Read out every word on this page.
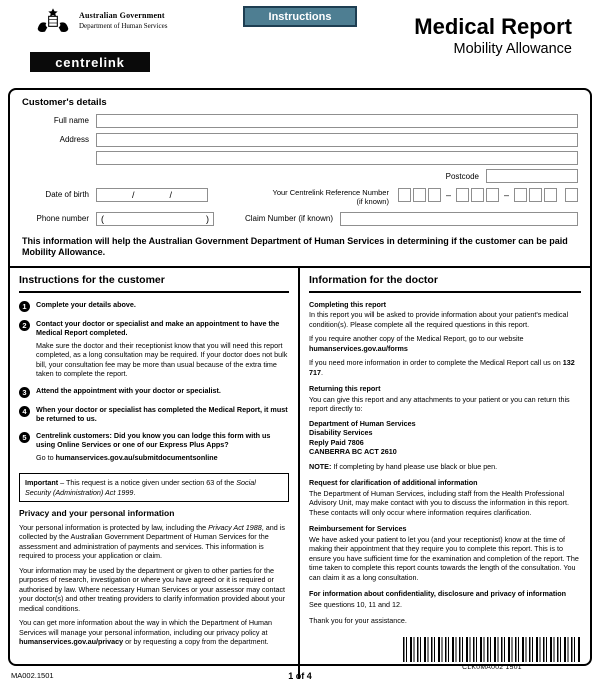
Australian Government
Department of Human Services
centrelink
Instructions	Medical Report
Mobility Allowance
Customer's details
Full name
Address
Postcode
Date of birth	/	/	Your Centrelink Reference Number
(if known)
–	–
Phone number	(	)	Claim Number (if known)
This information will help the Australian Government Department of Human Services in determining if the customer can be paid Mobility Allowance.
Instructions for the customer
1	Complete your details above.
2	Contact your doctor or specialist and make an appointment to have the Medical Report completed.
Make sure the doctor and their receptionist know that you will need this report completed, as a long consultation may be required. If your doctor does not bulk bill, your consultation fee may be more than usual because of the extra time taken to complete the report.
3	Attend the appointment with your doctor or specialist.
4	When your doctor or specialist has completed the Medical Report, it must be returned to us.
5	Centrelink customers: Did you know you can lodge this form with us using Online Services or one of our Express Plus Apps?
Go to humanservices.gov.au/submitdocumentsonline
Important – This request is a notice given under section 63 of the Social Security (Administration) Act 1999.
Privacy and your personal information

Your personal information is protected by law, including the Privacy Act 1988, and is collected by the Australian Government Department of Human Services for the assessment and administration of payments and services. This information is required to process your application or claim.

Your information may be used by the department or given to other parties for the purposes of research, investigation or where you have agreed or it is required or authorised by law. Where necessary Human Services or your assessor may contact your doctor(s) and other treating providers to clarify information provided about your medical conditions.

You can get more information about the way in which the Department of Human Services will manage your personal information, including our privacy policy at humanservices.gov.au/privacy or by requesting a copy from the department.

Information for the doctor
Completing this report

In this report you will be asked to provide information about your patient's medical condition(s). Please complete all the required questions in this report.

If you require another copy of the Medical Report, go to our website humanservices.gov.au/forms

If you need more information in order to complete the Medical Report call us on 132 717.

Returning this report

You can give this report and any attachments to your patient or you can return this report directly to:

Department of Human Services
Disability Services
Reply Paid 7806
CANBERRA BC ACT 2610

NOTE: If completing by hand please use black or blue pen.

Request for clarification of additional information

The Department of Human Services, including staff from the Health Professional Advisory Unit, may make contact with you to discuss the information in this report. These contacts will only occur where information requires clarification.

Reimbursement for Services

We have asked your patient to let you (and your receptionist) know at the time of making their appointment that they require you to complete this report. This is to ensure you have sufficient time for the examination and completion of the report. The time taken to complete this report counts towards the length of the consultation. You can claim it as a long consultation.

For information about confidentiality, disclosure and privacy of information

See questions 10, 11 and 12.

Thank you for your assistance.

CLK0MA002 1501
MA002.1501	1 of 4
